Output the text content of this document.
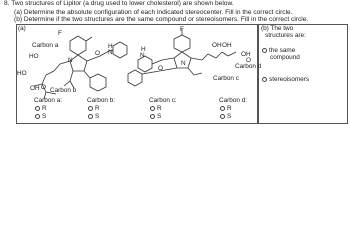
8. Two structures of Lipitor (a drug used to lower cholesterol) are shown below.
(a) Determine the absolute configuration of each indicated stereocenter. Fill in the correct circle.
(b) Determine if the two structures are the same compound or stereoisomers. Fill in the correct circle.
(a)
F
Carbon a
HO
N
H
N
O
HO
O
OH Carbon b
F
H
N
O
N
OH OH
OH
O
Carbon c
Carbon d
Carbon a:
R
S
Carbon b:
R
S
Carbon c:
R
S
Carbon d:
R
S
(b) The two
structures are:
the same
compound
stereoisomers
